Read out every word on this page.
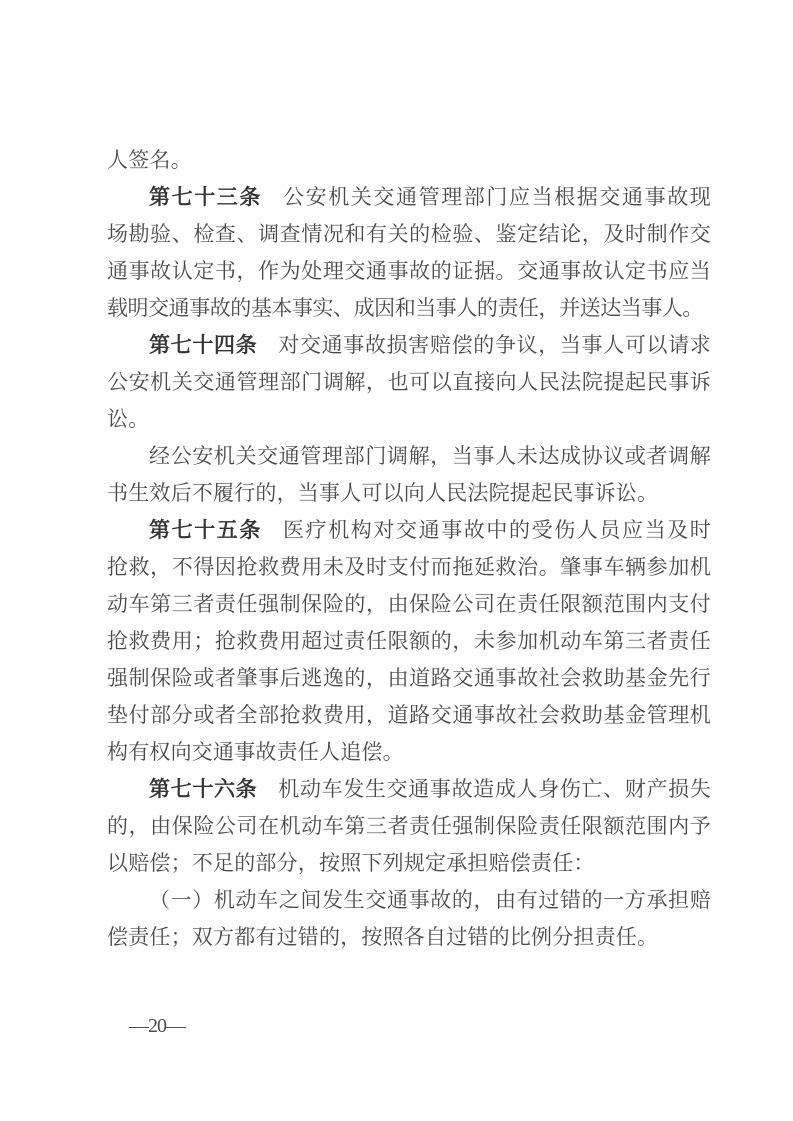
人签名。
第七十三条 公安机关交通管理部门应当根据交通事故现
场勘验、检查、调查情况和有关的检验、鉴定结论，及时制作交
通事故认定书，作为处理交通事故的证据。交通事故认定书应当
载明交通事故的基本事实、成因和当事人的责任，并送达当事人。
第七十四条 对交通事故损害赔偿的争议，当事人可以请求
公安机关交通管理部门调解，也可以直接向人民法院提起民事诉
讼。
经公安机关交通管理部门调解，当事人未达成协议或者调解
书生效后不履行的，当事人可以向人民法院提起民事诉讼。
第七十五条 医疗机构对交通事故中的受伤人员应当及时
抢救，不得因抢救费用未及时支付而拖延救治。肇事车辆参加机
动车第三者责任强制保险的，由保险公司在责任限额范围内支付
抢救费用；抢救费用超过责任限额的，未参加机动车第三者责任
强制保险或者肇事后逃逸的，由道路交通事故社会救助基金先行
垫付部分或者全部抢救费用，道路交通事故社会救助基金管理机
构有权向交通事故责任人追偿。
第七十六条 机动车发生交通事故造成人身伤亡、财产损失
的，由保险公司在机动车第三者责任强制保险责任限额范围内予
以赔偿；不足的部分，按照下列规定承担赔偿责任：
（一）机动车之间发生交通事故的，由有过错的一方承担赔
偿责任；双方都有过错的，按照各自过错的比例分担责任。
—20—
